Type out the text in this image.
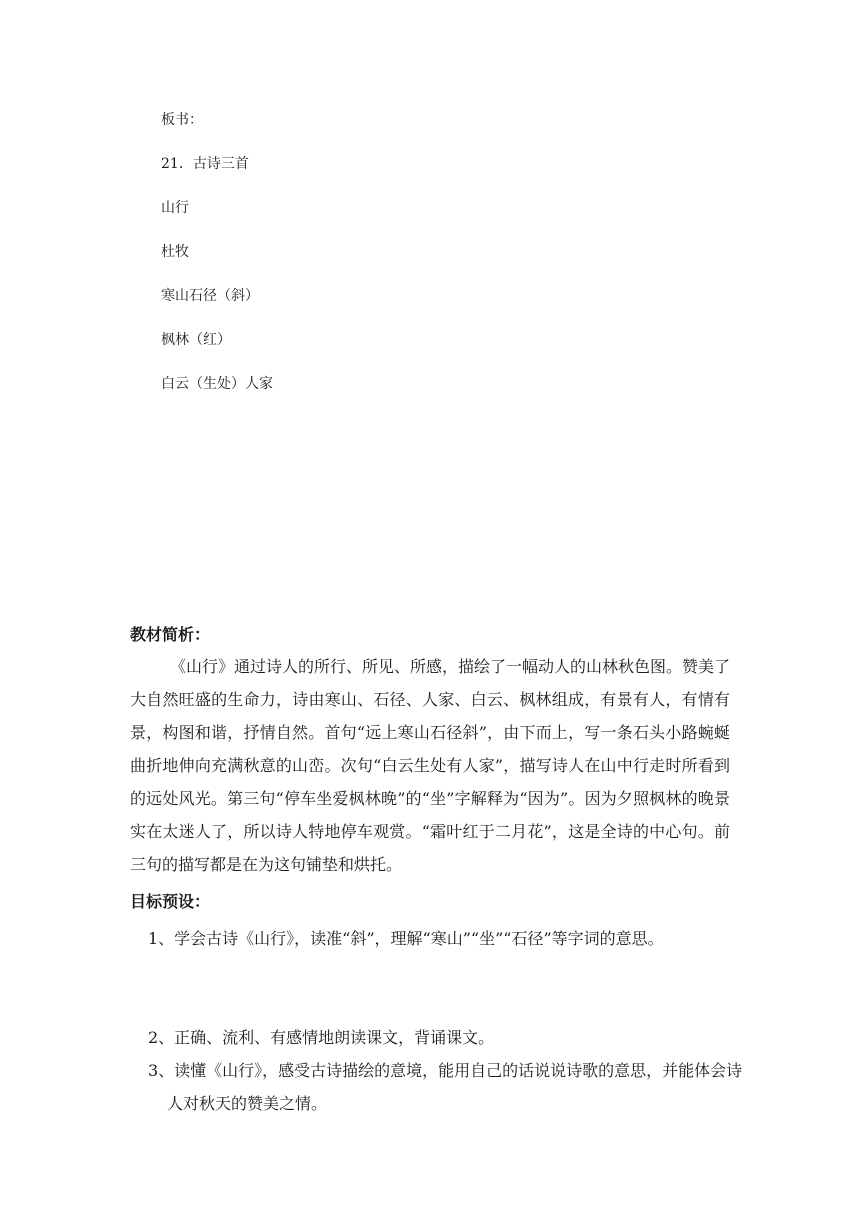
板书：
21．古诗三首
山行
杜牧
寒山石径（斜）
枫林（红）
白云（生处）人家
教材简析：
《山行》通过诗人的所行、所见、所感，描绘了一幅动人的山林秋色图。赞美了大自然旺盛的生命力，诗由寒山、石径、人家、白云、枫林组成，有景有人，有情有景，构图和谐，抒情自然。首句“远上寒山石径斜”，由下而上，写一条石头小路蜿蜒曲折地伸向充满秋意的山峦。次句“白云生处有人家”，描写诗人在山中行走时所看到的远处风光。第三句“停车坐爱枫林晚”的“坐”字解释为“因为”。因为夕照枫林的晚景实在太迷人了，所以诗人特地停车观赏。“霜叶红于二月花”，这是全诗的中心句。前三句的描写都是在为这句铺垫和烘托。
目标预设：
1、学会古诗《山行》，读准“斜”，理解“寒山”“坐”“石径”等字词的意思。
2、正确、流利、有感情地朗读课文，背诵课文。
3、读懂《山行》，感受古诗描绘的意境，能用自己的话说说诗歌的意思，并能体会诗人对秋天的赞美之情。
